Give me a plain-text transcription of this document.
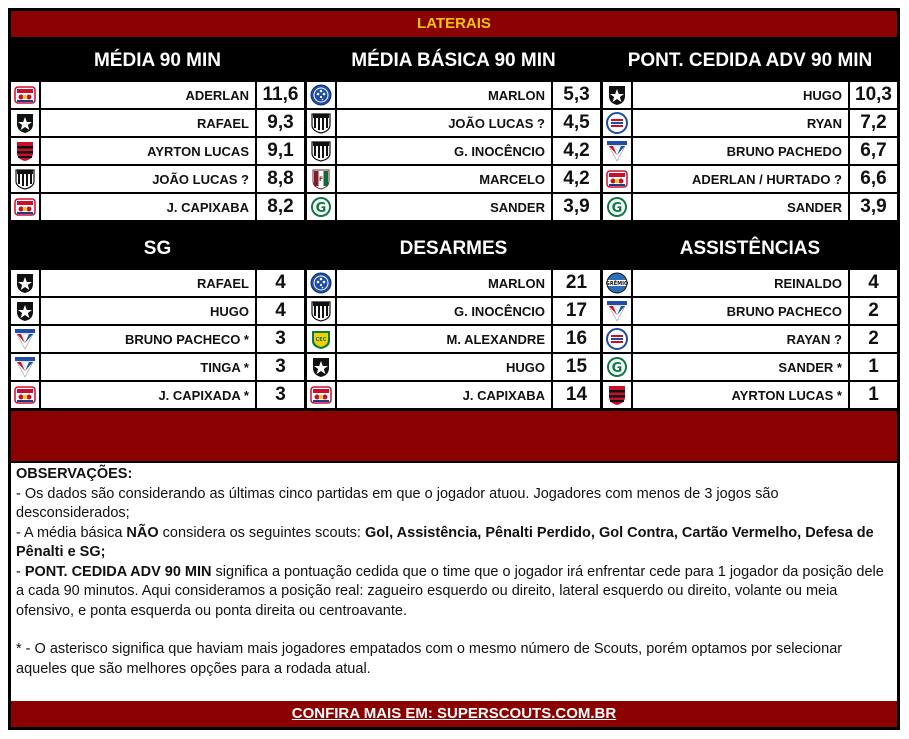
LATERAIS
MÉDIA 90 MIN
ADERLAN 11,6
RAFAEL 9,3
AYRTON LUCAS 9,1
JOÃO LUCAS ? 8,8
J. CAPIXABA 8,2
MÉDIA BÁSICA 90 MIN
MARLON 5,3
JOÃO LUCAS ? 4,5
G. INOCÊNCIO 4,2
F	MARCELO 4,2
G	SANDER 3,9
PONT. CEDIDA ADV 90 MIN
HUGO 10,3
RYAN 7,2
BRUNO PACHEDO 6,7
ADERLAN / HURTADO ? 6,6
G	SANDER 3,9
SG
RAFAEL	4
HUGO	4
BRUNO PACHECO *	3
TINGA *	3
J. CAPIXADA *	3
DESARMES
MARLON	21
G. INOCÊNCIO	17
CEC	M. ALEXANDRE	16
HUGO	15
J. CAPIXABA	14
ASSISTÊNCIAS
GRÊMIO	REINALDO	4
BRUNO PACHECO	2
RAYAN ?	2
G	SANDER *	1
AYRTON LUCAS *	1
OBSERVAÇÕES:
- Os dados são considerando as últimas cinco partidas em que o jogador atuou. Jogadores com menos de 3 jogos são desconsiderados;
- A média básica NÃO considera os seguintes scouts: Gol, Assistência, Pênalti Perdido, Gol Contra, Cartão Vermelho, Defesa de Pênalti e SG;
- PONT. CEDIDA ADV 90 MIN significa a pontuação cedida que o time que o jogador irá enfrentar cede para 1 jogador da posição dele a cada 90 minutos. Aqui consideramos a posição real: zagueiro esquerdo ou direito, lateral esquerdo ou direito, volante ou meia ofensivo, e ponta esquerda ou ponta direita ou centroavante.
* - O asterisco significa que haviam mais jogadores empatados com o mesmo número de Scouts, porém optamos por selecionar aqueles que são melhores opções para a rodada atual.
CONFIRA MAIS EM: SUPERSCOUTS.COM.BR
